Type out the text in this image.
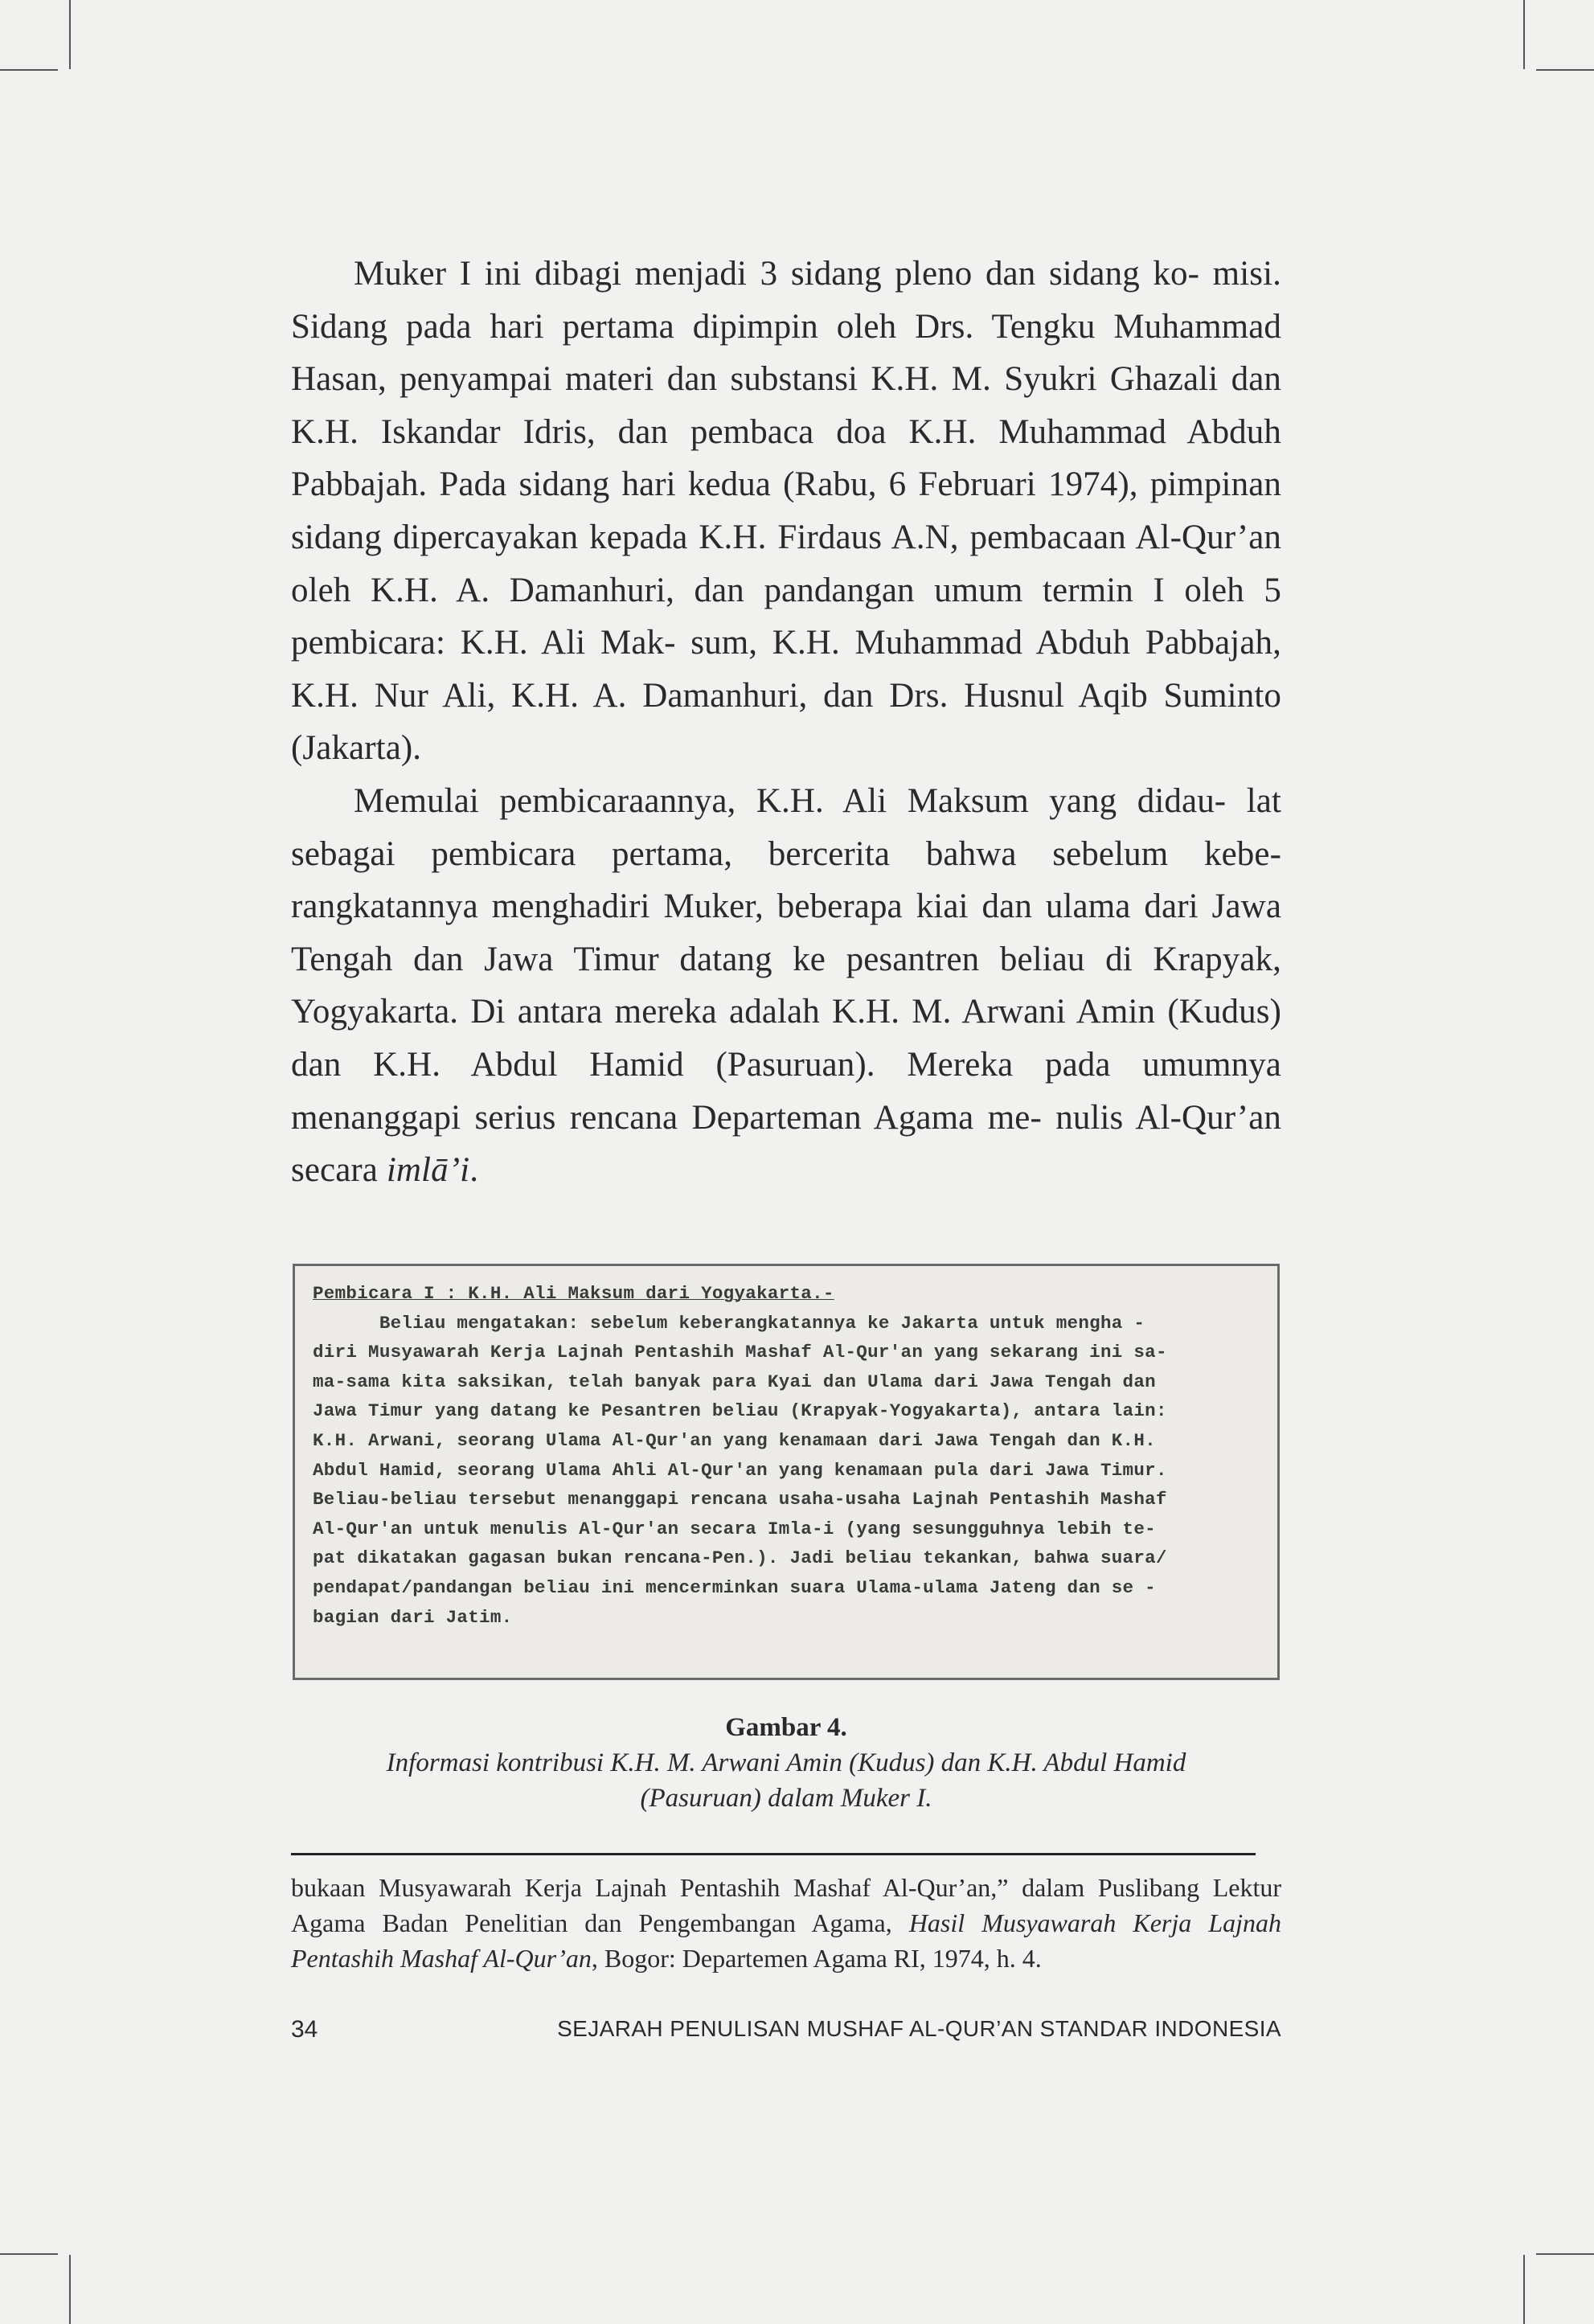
Muker I ini dibagi menjadi 3 sidang pleno dan sidang ko- misi. Sidang pada hari pertama dipimpin oleh Drs. Tengku Muhammad Hasan, penyampai materi dan substansi K.H. M. Syukri Ghazali dan K.H. Iskandar Idris, dan pembaca doa K.H. Muhammad Abduh Pabbajah. Pada sidang hari kedua (Rabu, 6 Februari 1974), pimpinan sidang dipercayakan kepada K.H. Firdaus A.N, pembacaan Al-Qur’an oleh K.H. A. Damanhuri, dan pandangan umum termin I oleh 5 pembicara: K.H. Ali Mak- sum, K.H. Muhammad Abduh Pabbajah, K.H. Nur Ali, K.H. A. Damanhuri, dan Drs. Husnul Aqib Suminto (Jakarta).

Memulai pembicaraannya, K.H. Ali Maksum yang didau- lat sebagai pembicara pertama, bercerita bahwa sebelum kebe- rangkatannya menghadiri Muker, beberapa kiai dan ulama dari Jawa Tengah dan Jawa Timur datang ke pesantren beliau di Krapyak, Yogyakarta. Di antara mereka adalah K.H. M. Arwani Amin (Kudus) dan K.H. Abdul Hamid (Pasuruan). Mereka pada umumnya menanggapi serius rencana Departeman Agama me- nulis Al-Qur’an secara imlā’i.

Pembicara I : K.H. Ali Maksum dari Yogyakarta.-
Beliau mengatakan: sebelum keberangkatannya ke Jakarta untuk mengha -
diri Musyawarah Kerja Lajnah Pentashih Mashaf Al-Qur'an yang sekarang ini sa-
ma-sama kita saksikan, telah banyak para Kyai dan Ulama dari Jawa Tengah dan
Jawa Timur yang datang ke Pesantren beliau (Krapyak-Yogyakarta), antara lain:
K.H. Arwani, seorang Ulama Al-Qur'an yang kenamaan dari Jawa Tengah dan K.H.
Abdul Hamid, seorang Ulama Ahli Al-Qur'an yang kenamaan pula dari Jawa Timur.
Beliau-beliau tersebut menanggapi rencana usaha-usaha Lajnah Pentashih Mashaf
Al-Qur'an untuk menulis Al-Qur'an secara Imla-i (yang sesungguhnya lebih te-
pat dikatakan gagasan bukan rencana-Pen.). Jadi beliau tekankan, bahwa suara/
pendapat/pandangan beliau ini mencerminkan suara Ulama-ulama Jateng dan se -
bagian dari Jatim.
Gambar 4.
Informasi kontribusi K.H. M. Arwani Amin (Kudus) dan K.H. Abdul Hamid
(Pasuruan) dalam Muker I.

bukaan Musyawarah Kerja Lajnah Pentashih Mashaf Al-Qur’an,” dalam Puslibang Lektur Agama Badan Penelitian dan Pengembangan Agama, Hasil Musyawarah Kerja Lajnah Pentashih Mashaf Al-Qur’an, Bogor: Departemen Agama RI, 1974, h. 4.

34	SEJARAH PENULISAN MUSHAF AL-QUR’AN STANDAR INDONESIA
